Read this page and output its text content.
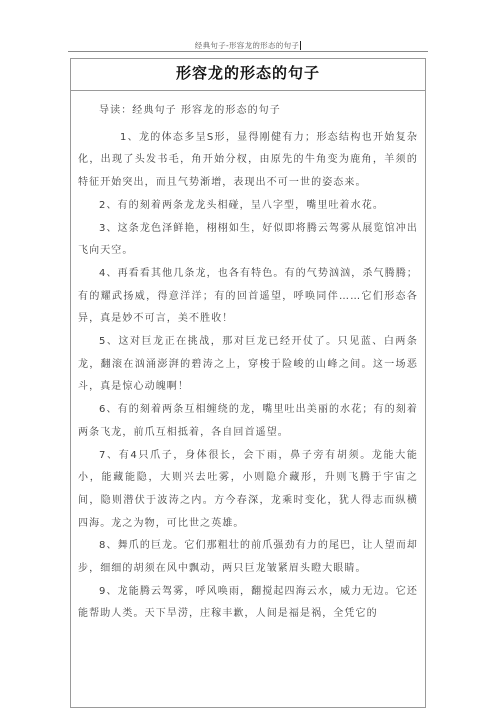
经典句子-形容龙的形态的句子
形容龙的形态的句子

导读：经典句子 形容龙的形态的句子

1、龙的体态多呈S形，显得刚健有力；形态结构也开始复杂化，出现了头发书毛，角开始分杈，由原先的牛角变为鹿角，羊须的特征开始突出，而且气势渐增，表现出不可一世的姿态来。

2、有的刻着两条龙龙头相碰，呈八字型，嘴里吐着水花。

3、这条龙色泽鲜艳，栩栩如生，好似即将腾云驾雾从展览馆冲出飞向天空。

4、再看看其他几条龙，也各有特色。有的气势汹汹，杀气腾腾；有的耀武扬威，得意洋洋；有的回首遥望，呼唤同伴……它们形态各异，真是妙不可言，美不胜收！

5、这对巨龙正在挑战，那对巨龙已经开仗了。只见蓝、白两条龙，翻滚在汹涌澎湃的碧涛之上，穿梭于险峻的山峰之间。这一场恶斗，真是惊心动魄啊！

6、有的刻着两条互相缠绕的龙，嘴里吐出美丽的水花；有的刻着两条飞龙，前爪互相抵着，各自回首遥望。

7、有4只爪子，身体很长，会下雨，鼻子旁有胡须。龙能大能小，能藏能隐，大则兴去吐雾，小则隐介藏形，升则飞腾于宇宙之间，隐则潜伏于波涛之内。方今春深，龙乘时变化，犹人得志而纵横四海。龙之为物，可比世之英雄。

8、舞爪的巨龙。它们那粗壮的前爪强劲有力的尾巴，让人望而却步，细细的胡须在风中飘动，两只巨龙皱紧眉头瞪大眼睛。

9、龙能腾云驾雾，呼风唤雨，翻搅起四海云水，威力无边。它还能帮助人类。天下旱涝，庄稼丰歉，人间是福是祸，全凭它的
